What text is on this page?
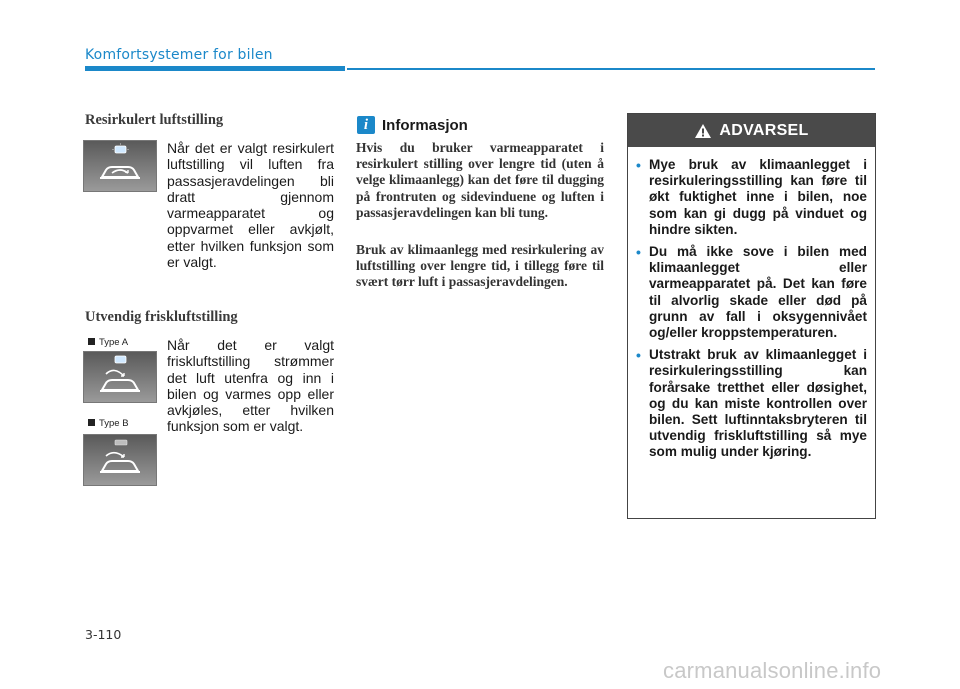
Komfortsystemer for bilen
Resirkulert luftstilling
Når det er valgt resirkulert luftstilling vil luften fra passasjeravdelingen bli dratt gjennom varmeapparatet og oppvarmet eller avkjølt, etter hvilken funksjon som er valgt.
Utvendig friskluftstilling
Type A
Type B
Når det er valgt friskluftstilling strømmer det luft utenfra og inn i bilen og varmes opp eller avkjøles, etter hvilken funksjon som er valgt.
i Informasjon

Hvis du bruker varmeapparatet i resirkulert stilling over lengre tid (uten å velge klimaanlegg) kan det føre til dugging på frontruten og sidevinduene og luften i passasjeravdelingen kan bli tung.

Bruk av klimaanlegg med resirkulering av luftstilling over lengre tid, i tillegg føre til svært tørr luft i passasjeravdelingen.

ADVARSEL
• Mye bruk av klimaanlegget i resirkuleringsstilling kan føre til økt fuktighet inne i bilen, noe som kan gi dugg på vinduet og hindre sikten.
• Du må ikke sove i bilen med klimaanlegget eller varmeapparatet på. Det kan føre til alvorlig skade eller død på grunn av fall i oksygennivået og/eller kroppstemperaturen.
• Utstrakt bruk av klimaanlegget i resirkuleringsstilling kan forårsake tretthet eller døsighet, og du kan miste kontrollen over bilen. Sett luftinntaksbryteren til utvendig friskluftstilling så mye som mulig under kjøring.
3-110
carmanualsonline.info
